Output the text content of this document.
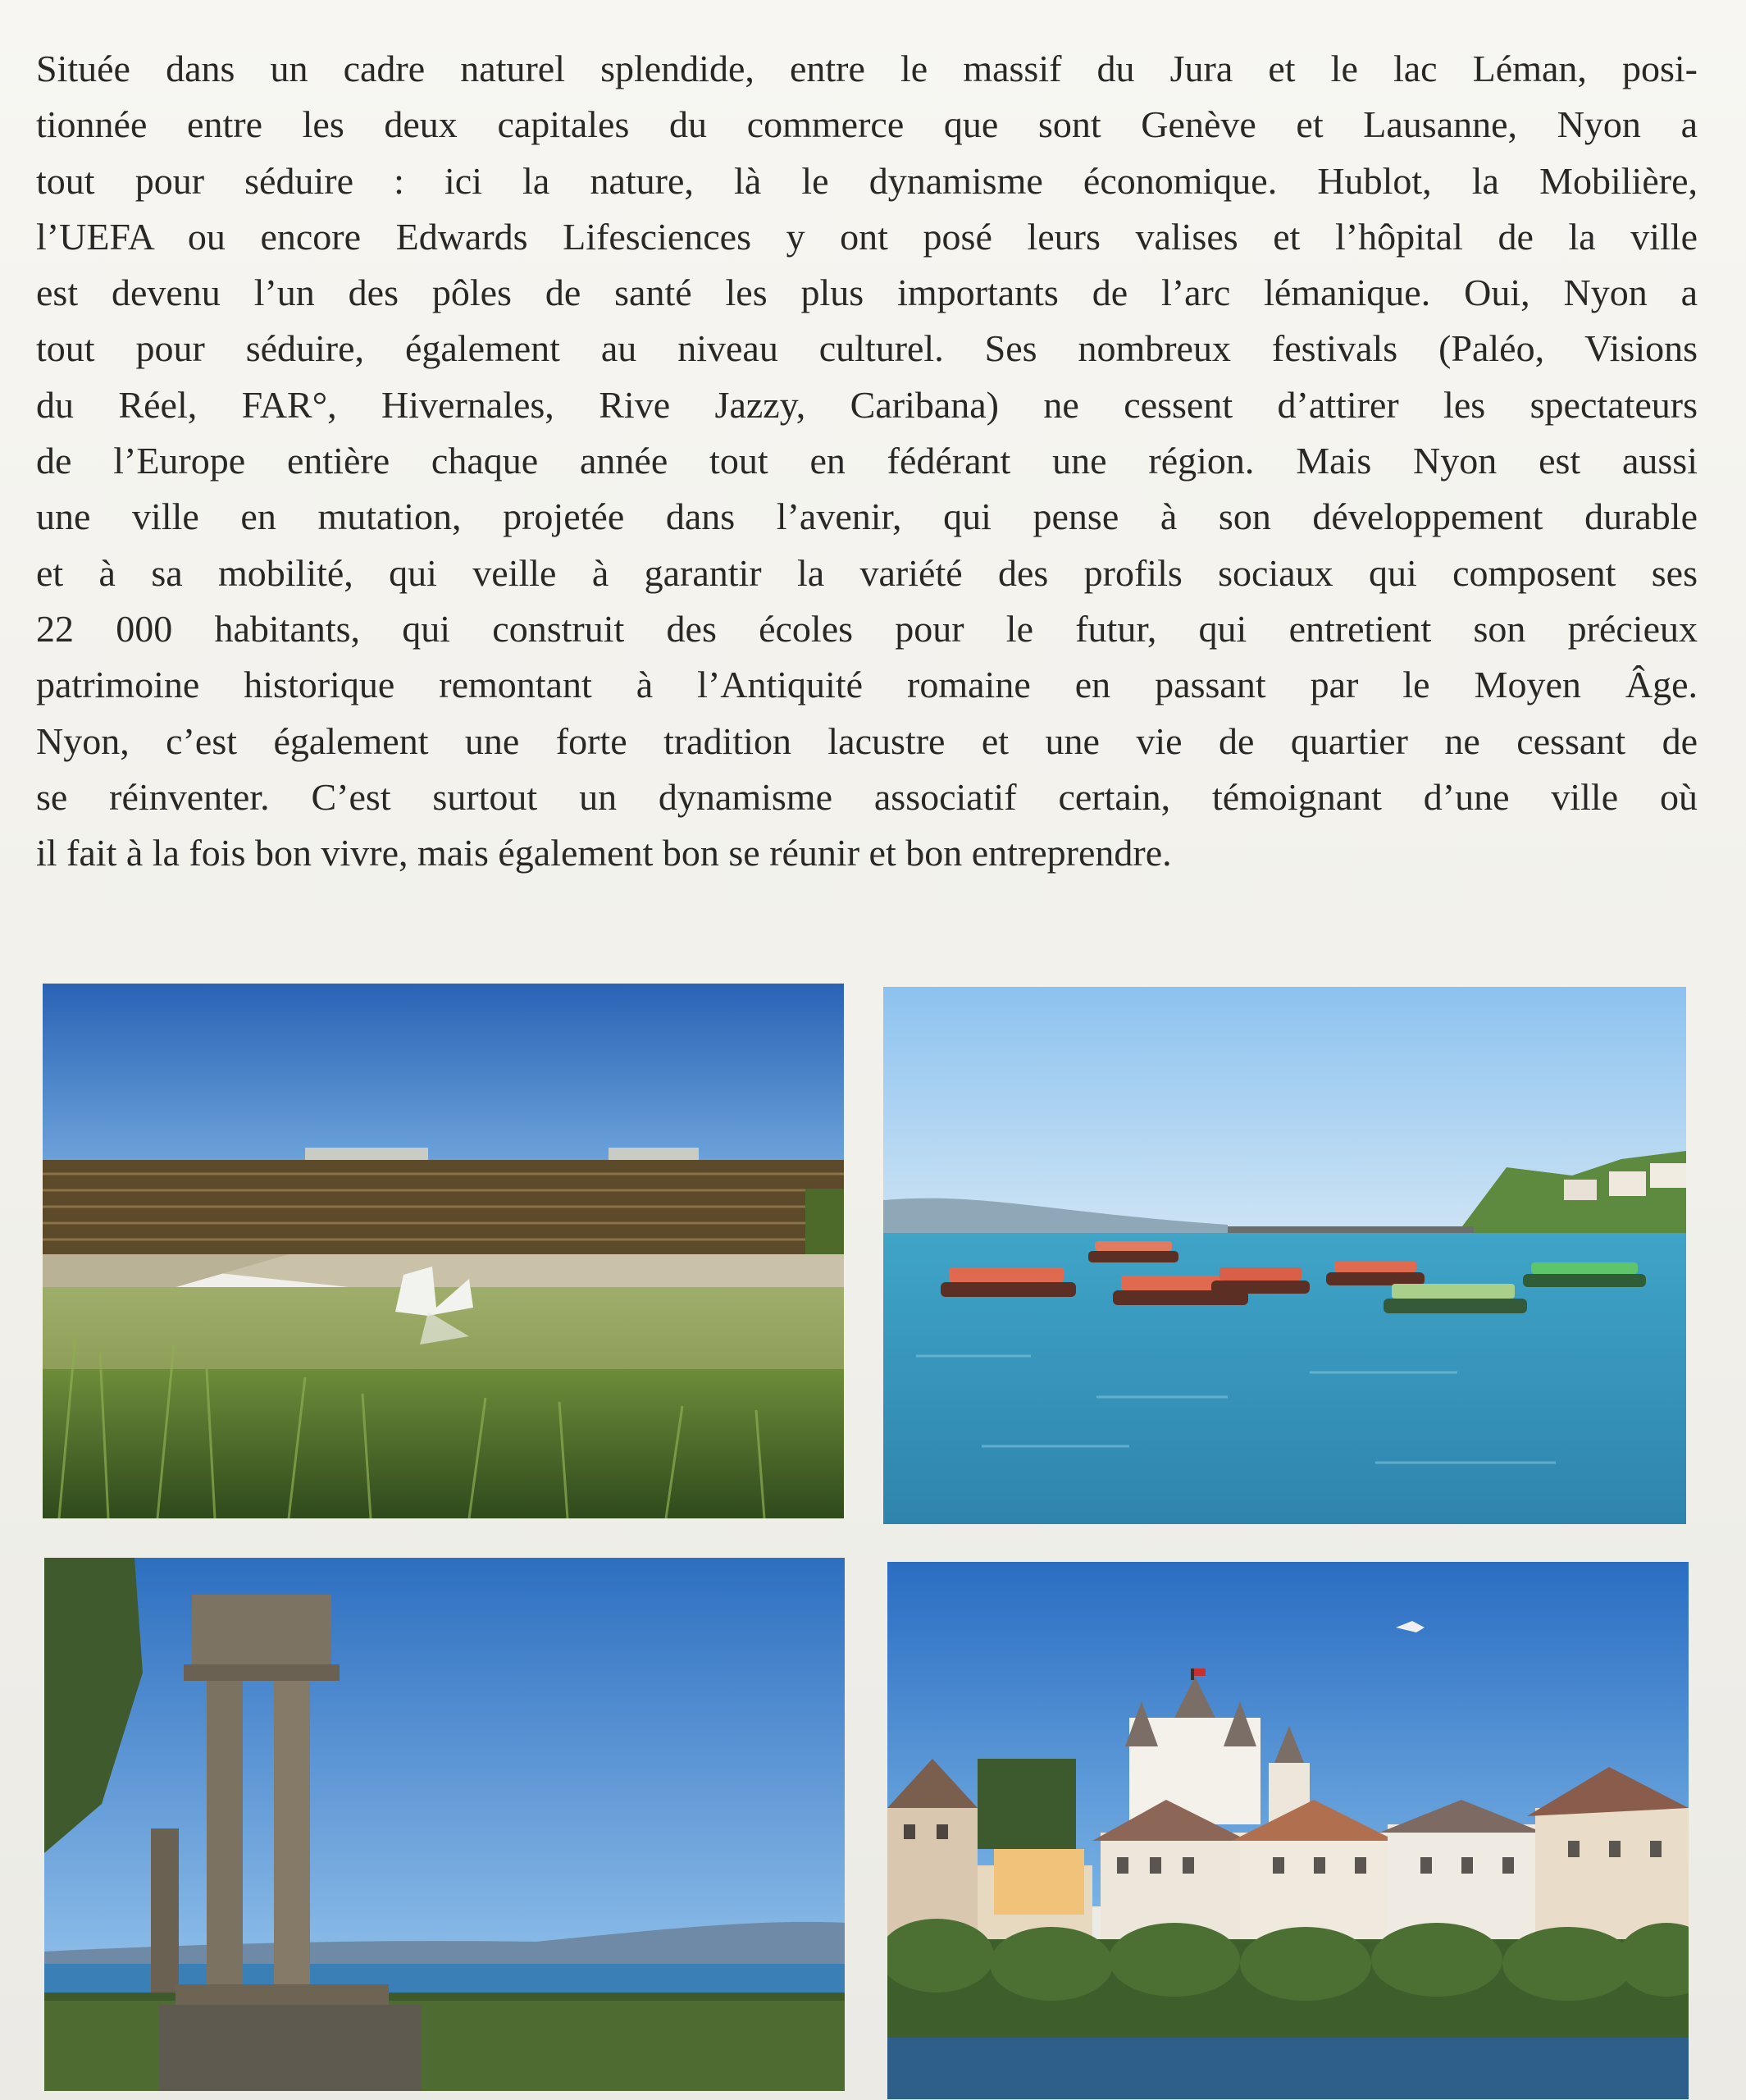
Située dans un cadre naturel splendide, entre le massif du Jura et le lac Léman, posi-
tionnée entre les deux capitales du commerce que sont Genève et Lausanne, Nyon a
tout pour séduire : ici la nature, là le dynamisme économique. Hublot, la Mobilière,
l’UEFA ou encore Edwards Lifesciences y ont posé leurs valises et l’hôpital de la ville
est devenu l’un des pôles de santé les plus importants de l’arc lémanique. Oui, Nyon a
tout pour séduire, également au niveau culturel. Ses nombreux festivals (Paléo, Visions
du Réel, FAR°, Hivernales, Rive Jazzy, Caribana) ne cessent d’attirer les spectateurs
de l’Europe entière chaque année tout en fédérant une région. Mais Nyon est aussi
une ville en mutation, projetée dans l’avenir, qui pense à son développement durable
et à sa mobilité, qui veille à garantir la variété des profils sociaux qui composent ses
22 000 habitants, qui construit des écoles pour le futur, qui entretient son précieux
patrimoine historique remontant à l’Antiquité romaine en passant par le Moyen Âge.
Nyon, c’est également une forte tradition lacustre et une vie de quartier ne cessant de
se réinventer. C’est surtout un dynamisme associatif certain, témoignant d’une ville où
il fait à la fois bon vivre, mais également bon se réunir et bon entreprendre.
